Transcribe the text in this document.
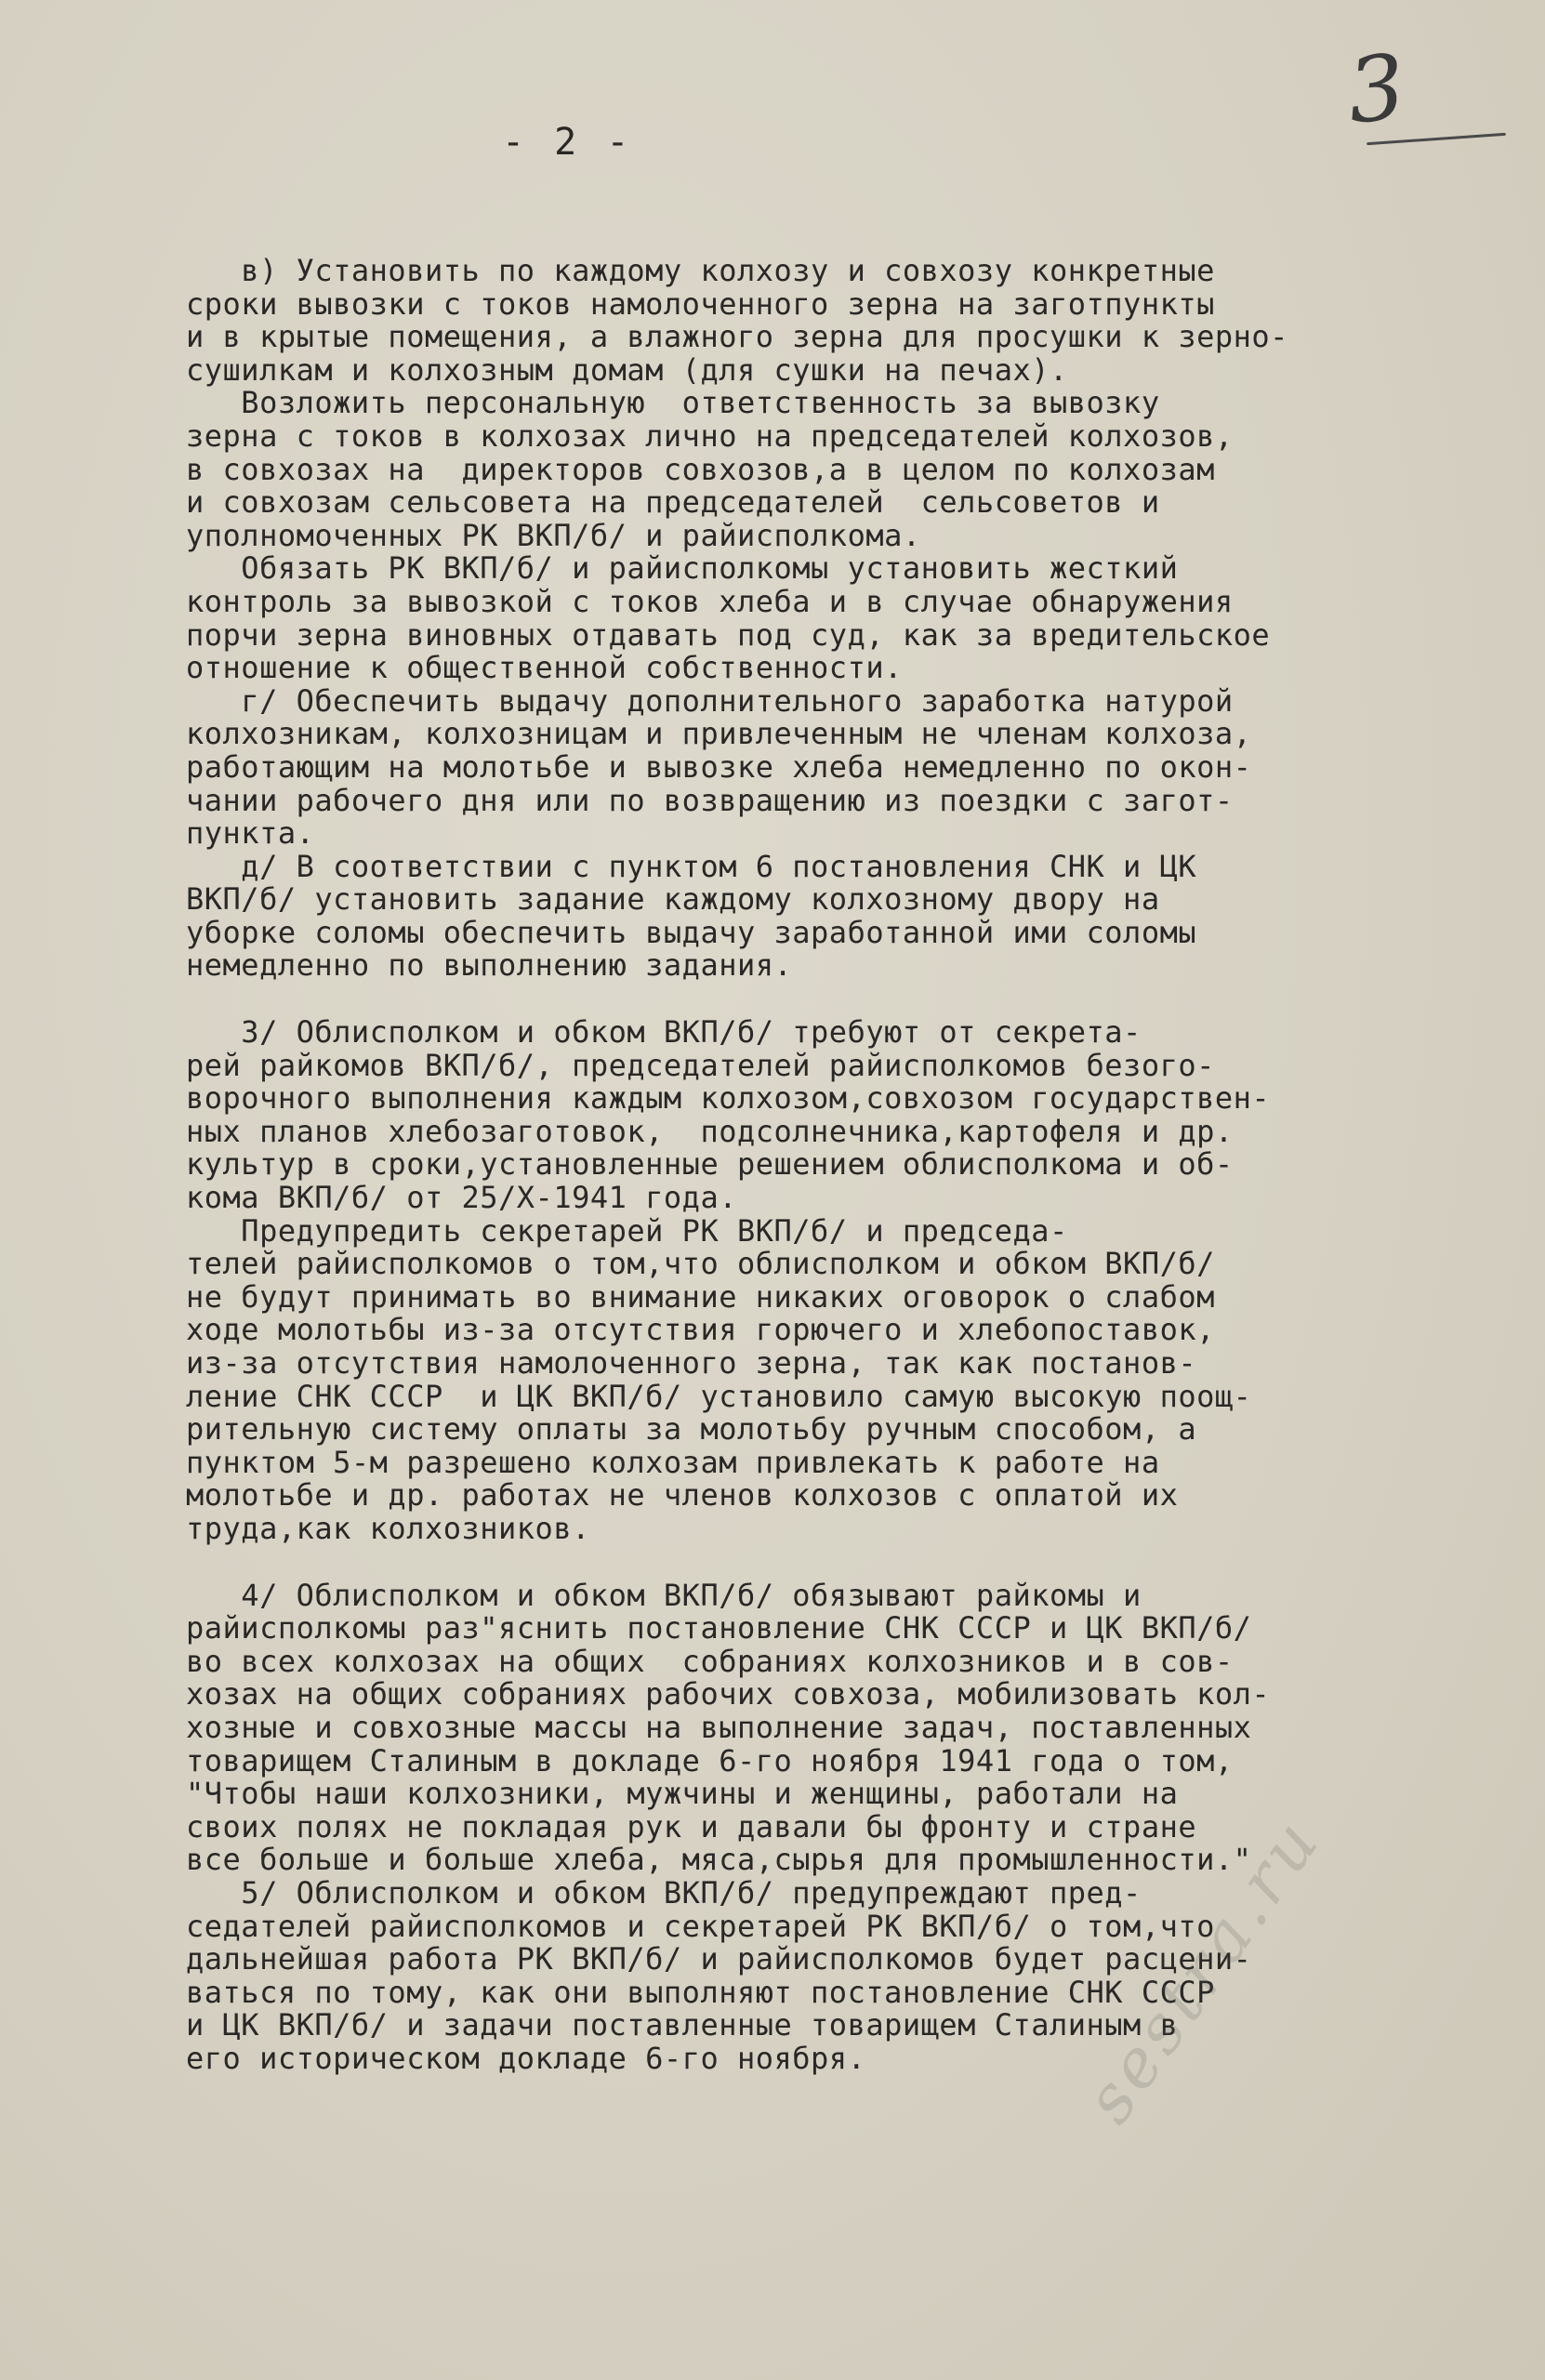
3
- 2 -
в) Установить по каждому колхозу и совхозу конкретные
сроки вывозки с токов намолоченного зерна на заготпункты
и в крытые помещения, а влажного зерна для просушки к зерно-
сушилкам и колхозным домам (для сушки на печах).
Возложить персональную  ответственность за вывозку
зерна с токов в колхозах лично на председателей колхозов,
в совхозах на  директоров совхозов,а в целом по колхозам
и совхозам сельсовета на председателей  сельсоветов и
уполномоченных РК ВКП/б/ и райисполкома.
Обязать РК ВКП/б/ и райисполкомы установить жесткий
контроль за вывозкой с токов хлеба и в случае обнаружения
порчи зерна виновных отдавать под суд, как за вредительское
отношение к общественной собственности.
г/ Обеспечить выдачу дополнительного заработка натурой
колхозникам, колхозницам и привлеченным не членам колхоза,
работающим на молотьбе и вывозке хлеба немедленно по окон-
чании рабочего дня или по возвращению из поездки с загот-
пункта.
д/ В соответствии с пунктом 6 постановления СНК и ЦК
ВКП/б/ установить задание каждому колхозному двору на
уборке соломы обеспечить выдачу заработанной ими соломы
немедленно по выполнению задания.
3/ Облисполком и обком ВКП/б/ требуют от секрета-
рей райкомов ВКП/б/, председателей райисполкомов безого-
ворочного выполнения каждым колхозом,совхозом государствен-
ных планов хлебозаготовок,  подсолнечника,картофеля и др.
культур в сроки,установленные решением облисполкома и об-
кома ВКП/б/ от 25/Х-1941 года.
Предупредить секретарей РК ВКП/б/ и председа-
телей райисполкомов о том,что облисполком и обком ВКП/б/
не будут принимать во внимание никаких оговорок о слабом
ходе молотьбы из-за отсутствия горючего и хлебопоставок,
из-за отсутствия намолоченного зерна, так как постанов-
ление СНК СССР  и ЦК ВКП/б/ установило самую высокую поощ-
рительную систему оплаты за молотьбу ручным способом, а
пунктом 5-м разрешено колхозам привлекать к работе на
молотьбе и др. работах не членов колхозов с оплатой их
труда,как колхозников.
4/ Облисполком и обком ВКП/б/ обязывают райкомы и
райисполкомы раз"яснить постановление СНК СССР и ЦК ВКП/б/
во всех колхозах на общих  собраниях колхозников и в сов-
хозах на общих собраниях рабочих совхоза, мобилизовать кол-
хозные и совхозные массы на выполнение задач, поставленных
товарищем Сталиным в докладе 6-го ноября 1941 года о том,
"Чтобы наши колхозники, мужчины и женщины, работали на
своих полях не покладая рук и давали бы фронту и стране
все больше и больше хлеба, мяса,сырья для промышленности."
5/ Облисполком и обком ВКП/б/ предупреждают пред-
седателей райисполкомов и секретарей РК ВКП/б/ о том,что
дальнейшая работа РК ВКП/б/ и райисполкомов будет расцени-
ваться по тому, как они выполняют постановление СНК СССР
и ЦК ВКП/б/ и задачи поставленные товарищем Сталиным в
его историческом докладе 6-го ноября.	sestra.ru
